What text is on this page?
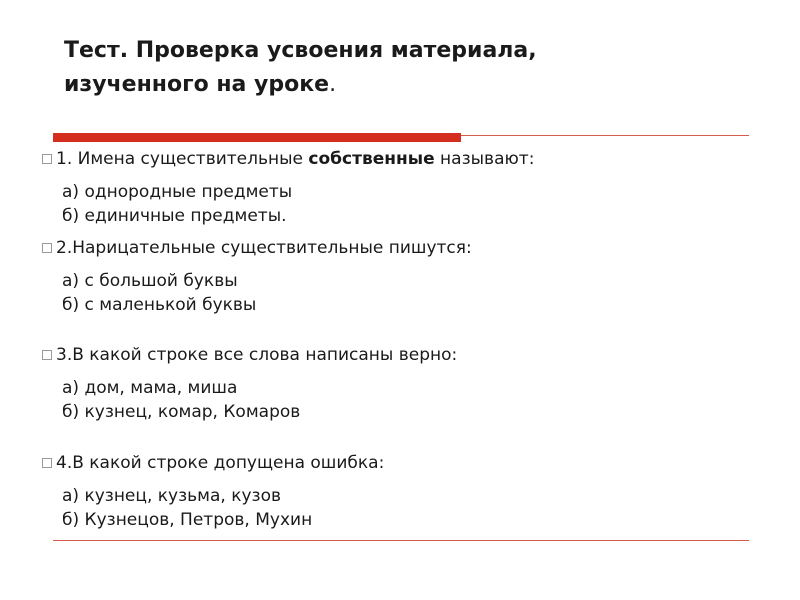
Тест. Проверка усвоения материала,
изученного на уроке.
1. Имена существительные собственные называют:
а) однородные предметы
б) единичные предметы.
2.Нарицательные существительные пишутся:
а) с большой буквы
б) с маленькой буквы
3.В какой строке все слова написаны верно:
а) дом, мама, миша
б) кузнец, комар, Комаров
4.В какой строке допущена ошибка:
а) кузнец, кузьма, кузов
б) Кузнецов, Петров, Мухин
